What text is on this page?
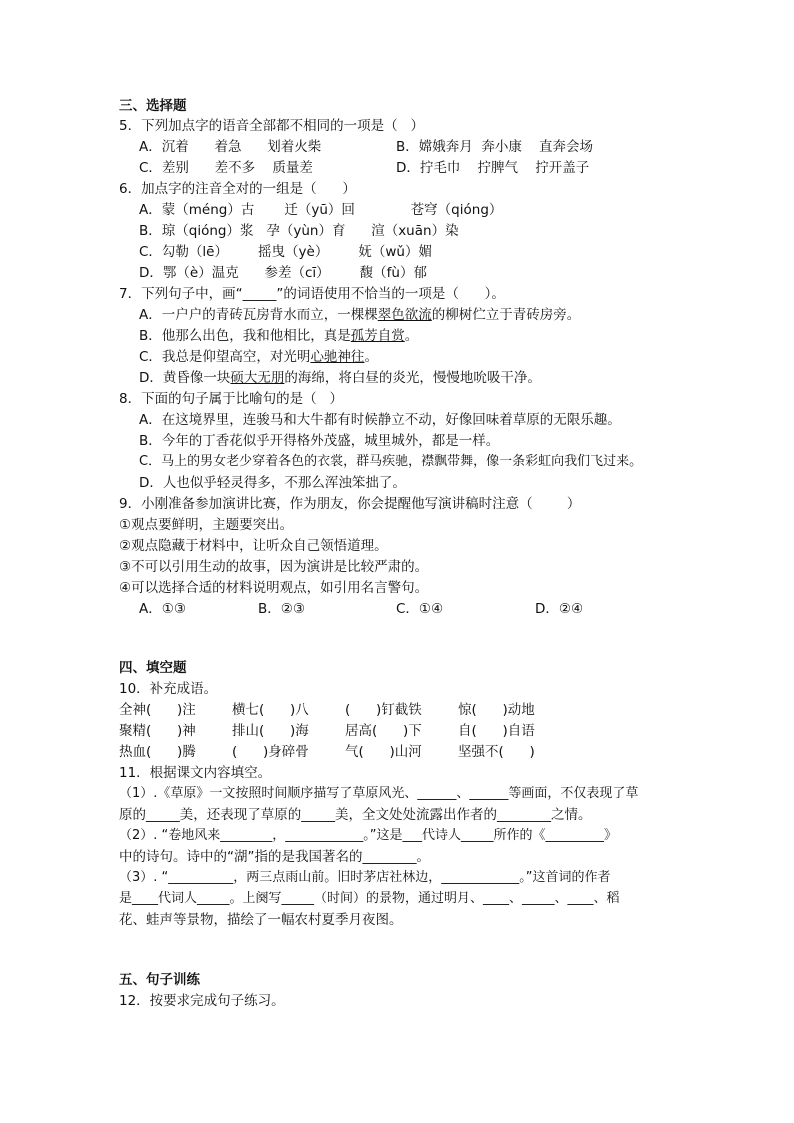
三、选择题
5．下列加点字的语音全部都不相同的一项是（   ）
A．沉着      着急      划着火柴	B．嫦娥奔月  奔小康    直奔会场
C．差别      差不多    质量差	D．拧毛巾    拧脾气    拧开盖子
6．加点字的注音全对的一组是（      ）
A．蒙（méng）古       迁（yū）回             苍穹（qióng）
B．琼（qióng）浆   孕（yùn）育      渲（xuān）染
C．勾勒（lē）       摇曳（yè）       妩（wǔ）媚
D．鄂（è）温克      参差（cī）       馥（fù）郁
7．下列句子中，画“_____”的词语使用不恰当的一项是（      ）。
A．一户户的青砖瓦房背水而立，一棵棵翠色欲流的柳树伫立于青砖房旁。
B．他那么出色，我和他相比，真是孤芳自赏。
C．我总是仰望高空，对光明心驰神往。
D．黄昏像一块硕大无朋的海绵，将白昼的炎光，慢慢地吮吸干净。
8．下面的句子属于比喻句的是（   ）
A．在这境界里，连骏马和大牛都有时候静立不动，好像回味着草原的无限乐趣。
B．今年的丁香花似乎开得格外茂盛，城里城外，都是一样。
C．马上的男女老少穿着各色的衣裳，群马疾驰，襟飘带舞，像一条彩虹向我们飞过来。
D．人也似乎轻灵得多，不那么浑浊笨拙了。
9．小刚准备参加演讲比赛，作为朋友，你会提醒他写演讲稿时注意（        ）
①观点要鲜明，主题要突出。
②观点隐藏于材料中，让听众自己领悟道理。
③不可以引用生动的故事，因为演讲是比较严肃的。
④可以选择合适的材料说明观点，如引用名言警句。
A．①③	B．②③	C．①④	D．②④
四、填空题
10．补充成语。
全神(      )注	横七(      )八	(      )钉截铁	惊(      )动地
聚精(      )神	排山(      )海	居高(      )下	自(      )自语
热血(      )腾	(      )身碎骨	气(      )山河	坚强不(      )
11．根据课文内容填空。
（1）.《草原》一文按照时间顺序描写了草原风光、______、______等画面，不仅表现了草
原的_____美，还表现了草原的_____美，全文处处流露出作者的________之情。
（2）. “卷地风来________，____________。”这是___代诗人_____所作的《_________》
中的诗句。诗中的“湖”指的是我国著名的________。
（3）. “__________，两三点雨山前。旧时茅店社林边，____________。”这首词的作者
是____代词人_____。上阕写_____（时间）的景物，通过明月、____、_____、____、稻
花、蛙声等景物，描绘了一幅农村夏季月夜图。
五、句子训练
12．按要求完成句子练习。
